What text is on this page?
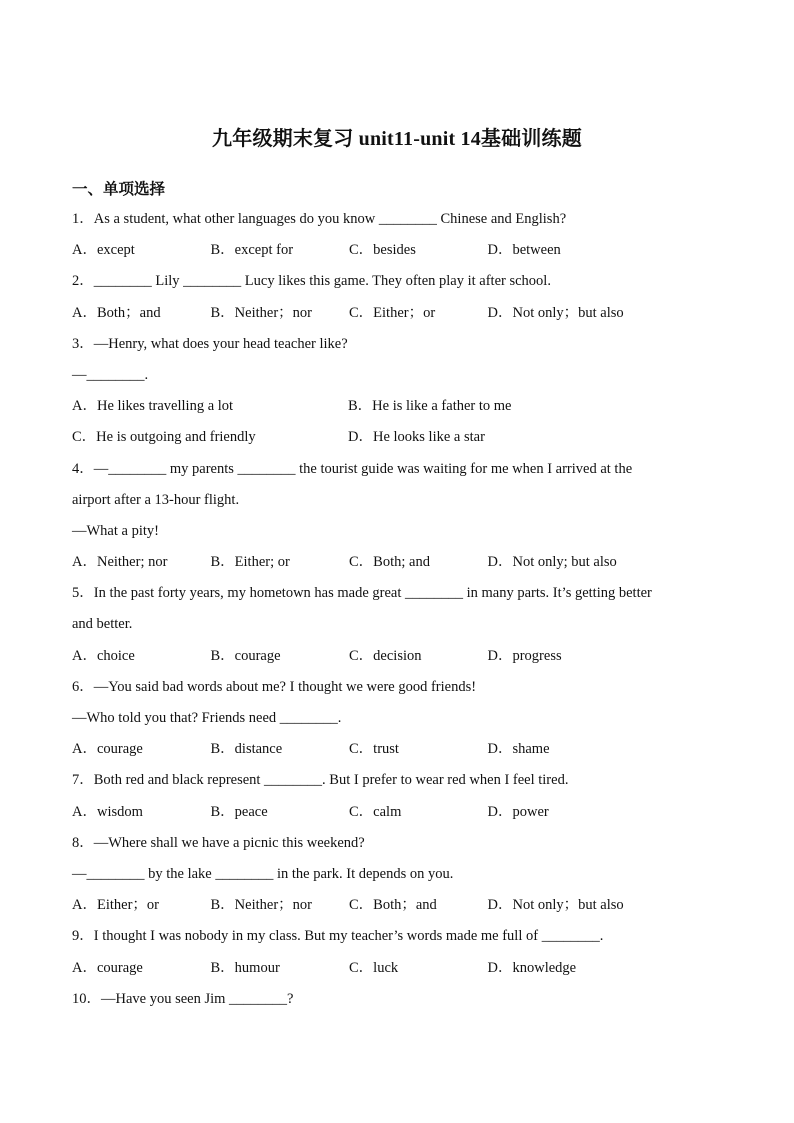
九年级期末复习 unit11-unit 14基础训练题
一、单项选择
1．As a student, what other languages do you know ________ Chinese and English?
A．except	B．except for	C．besides	D．between
2．________ Lily ________ Lucy likes this game. They often play it after school.
A．Both；and	B．Neither；nor	C．Either；or	D．Not only；but also
3．—Henry, what does your head teacher like?
—________.
A．He likes travelling a lot	B．He is like a father to me
C．He is outgoing and friendly	D．He looks like a star
4．—________ my parents ________ the tourist guide was waiting for me when I arrived at the
airport after a 13-hour flight.
—What a pity!
A．Neither; nor	B．Either; or	C．Both; and	D．Not only; but also
5．In the past forty years, my hometown has made great ________ in many parts. It’s getting better
and better.
A．choice	B．courage	C．decision	D．progress
6．—You said bad words about me? I thought we were good friends!
—Who told you that? Friends need ________.
A．courage	B．distance	C．trust	D．shame
7．Both red and black represent ________. But I prefer to wear red when I feel tired.
A．wisdom	B．peace	C．calm	D．power
8．—Where shall we have a picnic this weekend?
—________ by the lake ________ in the park. It depends on you.
A．Either；or	B．Neither；nor	C．Both；and	D．Not only；but also
9．I thought I was nobody in my class. But my teacher’s words made me full of ________.
A．courage	B．humour	C．luck	D．knowledge
10．—Have you seen Jim ________?
